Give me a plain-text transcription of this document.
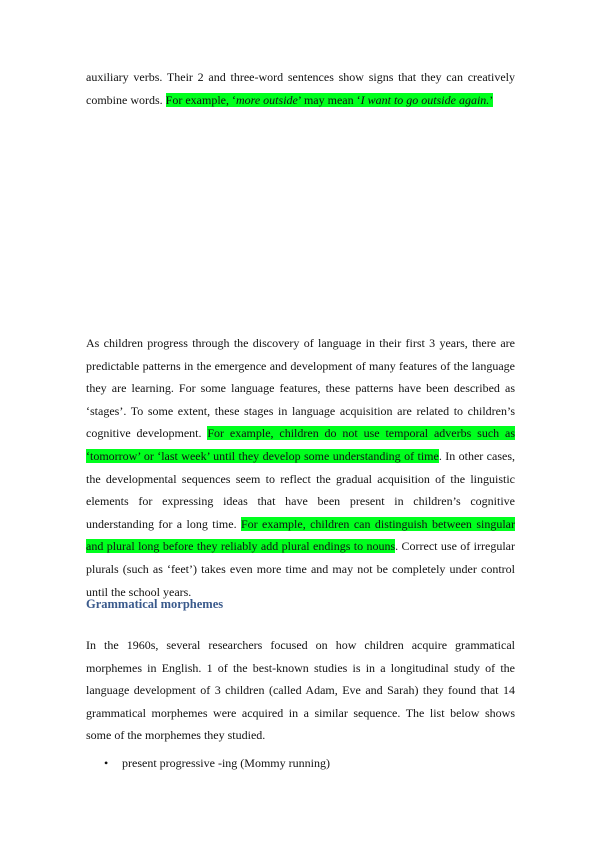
auxiliary verbs. Their 2 and three-word sentences show signs that they can creatively combine words. For example, ‘more outside’ may mean ‘I want to go outside again.’

As children progress through the discovery of language in their first 3 years, there are predictable patterns in the emergence and development of many features of the language they are learning. For some language features, these patterns have been described as ‘stages’. To some extent, these stages in language acquisition are related to children’s cognitive development. For example, children do not use temporal adverbs such as ‘tomorrow’ or ‘last week’ until they develop some understanding of time. In other cases, the developmental sequences seem to reflect the gradual acquisition of the linguistic elements for expressing ideas that have been present in children’s cognitive understanding for a long time. For example, children can distinguish between singular and plural long before they reliably add plural endings to nouns. Correct use of irregular plurals (such as ‘feet’) takes even more time and may not be completely under control until the school years.

Grammatical morphemes

In the 1960s, several researchers focused on how children acquire grammatical morphemes in English. 1 of the best-known studies is in a longitudinal study of the language development of 3 children (called Adam, Eve and Sarah) they found that 14 grammatical morphemes were acquired in a similar sequence. The list below shows some of the morphemes they studied.

•	present progressive -ing (Mommy running)
